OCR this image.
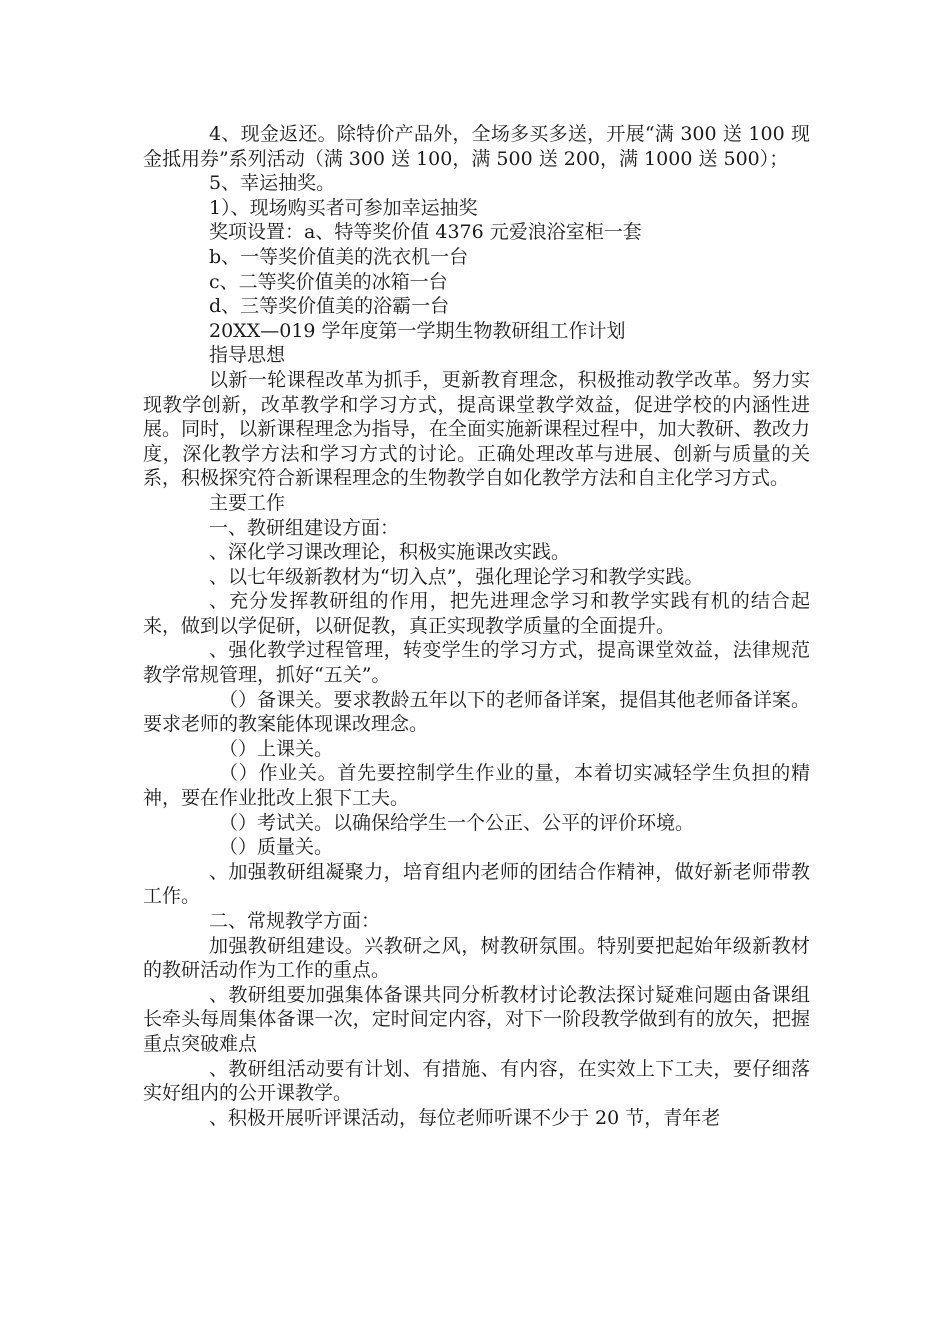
4、现金返还。除特价产品外，全场多买多送，开展“满 300 送 100 现金抵用券”系列活动（满 300 送 100，满 500 送 200，满 1000 送 500）；

5、幸运抽奖。

1）、现场购买者可参加幸运抽奖

奖项设置：a、特等奖价值 4376 元爱浪浴室柜一套

b、一等奖价值美的洗衣机一台

c、二等奖价值美的冰箱一台

d、三等奖价值美的浴霸一台

20XX—019 学年度第一学期生物教研组工作计划

指导思想

以新一轮课程改革为抓手，更新教育理念，积极推动教学改革。努力实现教学创新，改革教学和学习方式，提高课堂教学效益，促进学校的内涵性进展。同时，以新课程理念为指导，在全面实施新课程过程中，加大教研、教改力度，深化教学方法和学习方式的讨论。正确处理改革与进展、创新与质量的关系，积极探究符合新课程理念的生物教学自如化教学方法和自主化学习方式。

主要工作

一、教研组建设方面：

、深化学习课改理论，积极实施课改实践。

、以七年级新教材为“切入点”，强化理论学习和教学实践。

、充分发挥教研组的作用，把先进理念学习和教学实践有机的结合起来，做到以学促研，以研促教，真正实现教学质量的全面提升。

、强化教学过程管理，转变学生的学习方式，提高课堂效益，法律规范教学常规管理，抓好“五关”。

（）备课关。要求教龄五年以下的老师备详案，提倡其他老师备详案。要求老师的教案能体现课改理念。

（）上课关。

（）作业关。首先要控制学生作业的量，本着切实减轻学生负担的精神，要在作业批改上狠下工夫。

（）考试关。以确保给学生一个公正、公平的评价环境。

（）质量关。

、加强教研组凝聚力，培育组内老师的团结合作精神，做好新老师带教工作。

二、常规教学方面：

加强教研组建设。兴教研之风，树教研氛围。特别要把起始年级新教材的教研活动作为工作的重点。

、教研组要加强集体备课共同分析教材讨论教法探讨疑难问题由备课组长牵头每周集体备课一次，定时间定内容，对下一阶段教学做到有的放矢，把握重点突破难点

、教研组活动要有计划、有措施、有内容，在实效上下工夫，要仔细落实好组内的公开课教学。

、积极开展听评课活动，每位老师听课不少于 20 节，青年老
